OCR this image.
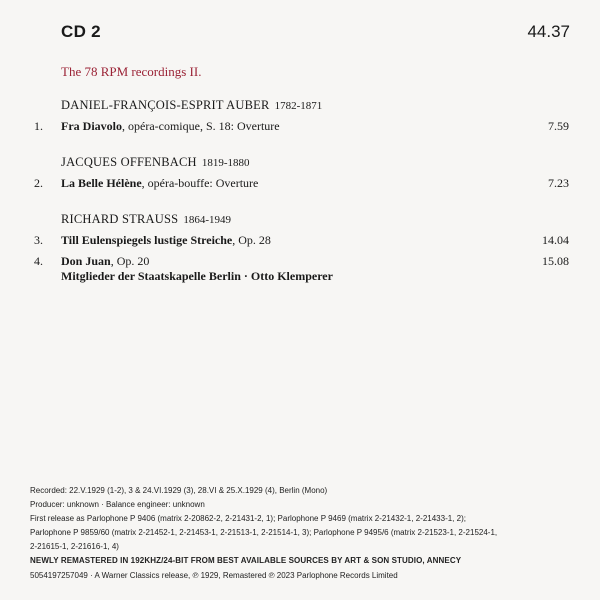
CD 2	44.37
The 78 RPM recordings II.
DANIEL-FRANÇOIS-ESPRIT AUBER 1782-1871
1.	Fra Diavolo, opéra-comique, S. 18: Overture	7.59
JACQUES OFFENBACH 1819-1880
2.	La Belle Hélène, opéra-bouffe: Overture	7.23
RICHARD STRAUSS 1864-1949
3.	Till Eulenspiegels lustige Streiche, Op. 28	14.04
4.	Don Juan, Op. 20	15.08
Mitglieder der Staatskapelle Berlin · Otto Klemperer
Recorded: 22.V.1929 (1-2), 3 & 24.VI.1929 (3), 28.VI & 25.X.1929 (4), Berlin (Mono)
Producer: unknown · Balance engineer: unknown
First release as Parlophone P 9406 (matrix 2-20862-2, 2-21431-2, 1); Parlophone P 9469 (matrix 2-21432-1, 2-21433-1, 2);
Parlophone P 9859/60 (matrix 2-21452-1, 2-21453-1, 2-21513-1, 2-21514-1, 3); Parlophone P 9495/6 (matrix 2-21523-1, 2-21524-1,
2-21615-1, 2-21616-1, 4)
NEWLY REMASTERED IN 192KHZ/24-BIT FROM BEST AVAILABLE SOURCES BY ART & SON STUDIO, ANNECY
5054197257049 · A Warner Classics release, ℗ 1929, Remastered ℗ 2023 Parlophone Records Limited
